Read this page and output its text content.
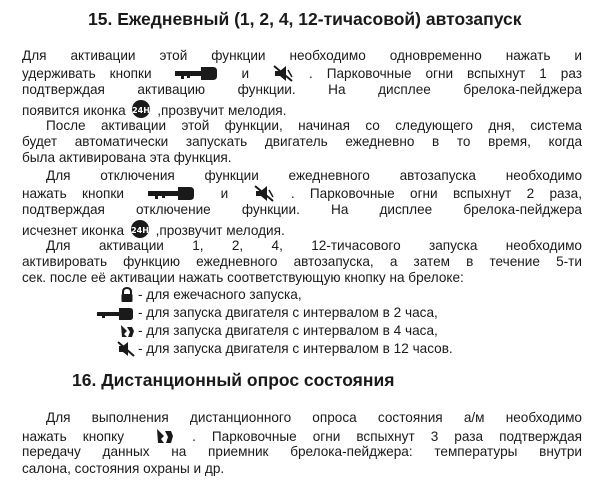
15. Ежедневный (1, 2, 4, 12-тичасовой) автозапуск
Для активации этой функции необходимо одновременно нажать и
удерживать кнопки	и	. Парковочные огни вспыхнут 1 раз
подтверждая активацию функции. На дисплее брелока-пейджера
появится иконка 24H ,прозвучит мелодия.
После активации этой функции, начиная со следующего дня, система
будет автоматически запускать двигатель ежедневно в то время, когда
была активирована эта функция.
Для отключения функции ежедневного автозапуска необходимо
нажать кнопки	и	. Парковочные огни вспыхнут 2 раза,
подтверждая отключение функции. На дисплее брелока-пейджера
исчезнет иконка 24H ,прозвучит мелодия.
Для активации 1, 2, 4, 12-тичасового запуска необходимо
активировать функцию ежедневного автозапуска, а затем в течение 5-ти
сек. после её активации нажать соответствующую кнопку на брелоке:
- для ежечасного запуска,
- для запуска двигателя с интервалом в 2 часа,
- для запуска двигателя с интервалом в 4 часа,
- для запуска двигателя с интервалом в 12 часов.
16. Дистанционный опрос состояния
Для выполнения дистанционного опроса состояния а/м необходимо
нажать кнопку	. Парковочные огни вспыхнут 3 раза подтверждая
передачу данных на приемник брелока-пейджера: температуры внутри
салона, состояния охраны и др.
